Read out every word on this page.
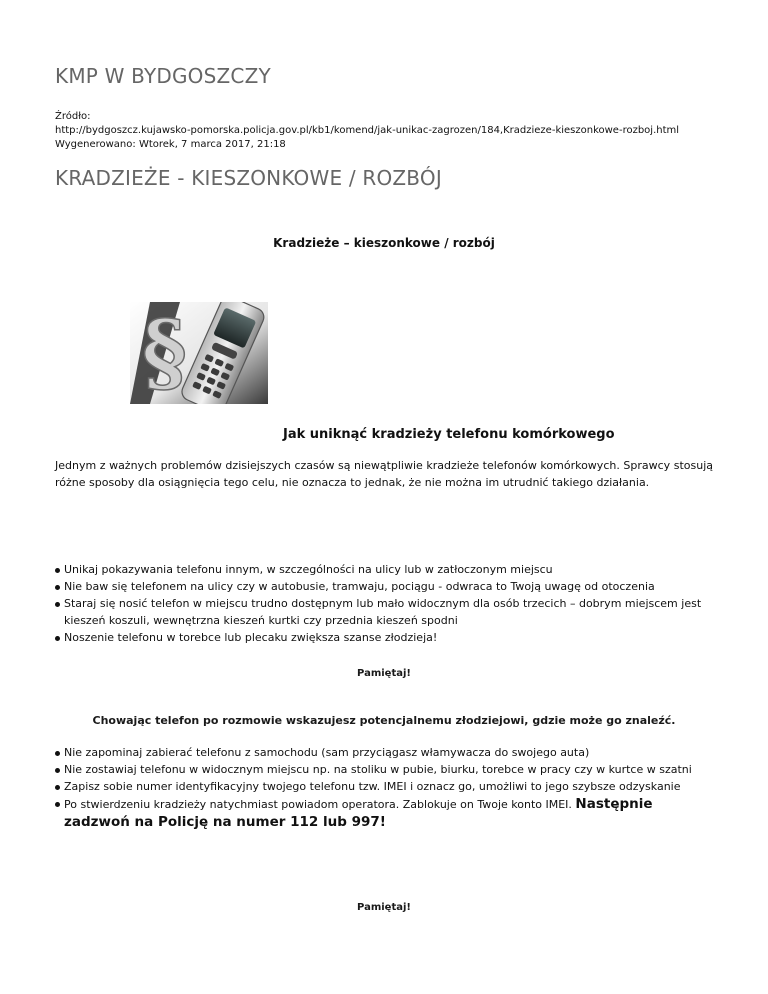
KMP W BYDGOSZCZY
Źródło:
http://bydgoszcz.kujawsko-pomorska.policja.gov.pl/kb1/komend/jak-unikac-zagrozen/184,Kradzieze-kieszonkowe-rozboj.html
Wygenerowano: Wtorek, 7 marca 2017, 21:18
KRADZIEŻE - KIESZONKOWE / ROZBÓJ

Kradzieże – kieszonkowe / rozbój

§

Jak uniknąć kradzieży telefonu komórkowego

Jednym z ważnych problemów dzisiejszych czasów są niewątpliwie kradzieże telefonów komórkowych. Sprawcy stosują różne sposoby dla osiągnięcia tego celu, nie oznacza to jednak, że nie można im utrudnić takiego działania.

Unikaj pokazywania telefonu innym, w szczególności na ulicy lub w zatłoczonym miejscu
Nie baw się telefonem na ulicy czy w autobusie, tramwaju, pociągu - odwraca to Twoją uwagę od otoczenia
Staraj się nosić telefon w miejscu trudno dostępnym lub mało widocznym dla osób trzecich – dobrym miejscem jest kieszeń koszuli, wewnętrzna kieszeń kurtki czy przednia kieszeń spodni
Noszenie telefonu w torebce lub plecaku zwiększa szanse złodzieja!

Pamiętaj!

Chowając telefon po rozmowie wskazujesz potencjalnemu złodziejowi, gdzie może go znaleźć.

Nie zapominaj zabierać telefonu z samochodu (sam przyciągasz włamywacza do swojego auta)
Nie zostawiaj telefonu w widocznym miejscu np. na stoliku w pubie, biurku, torebce w pracy czy w kurtce w szatni
Zapisz sobie numer identyfikacyjny twojego telefonu tzw. IMEI i oznacz go, umożliwi to jego szybsze odzyskanie
Po stwierdzeniu kradzieży natychmiast powiadom operatora. Zablokuje on Twoje konto IMEI. Następnie zadzwoń na Policję na numer 112 lub 997!

Pamiętaj!
